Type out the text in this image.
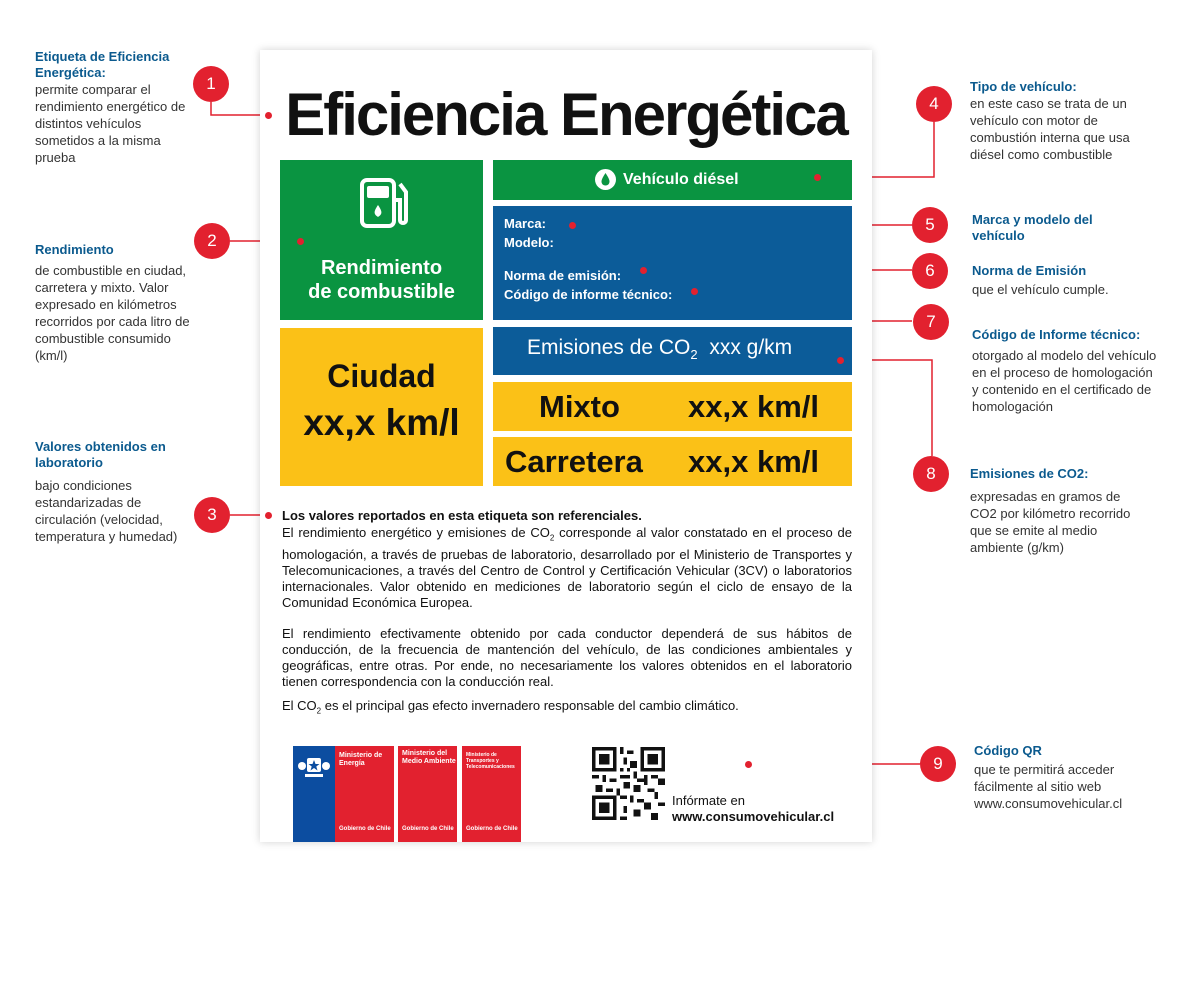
Etiqueta de Eficiencia Energética:
permite comparar el rendimiento energético de distintos vehículos sometidos a la misma prueba
1
Rendimiento
de combustible en ciudad, carretera y mixto. Valor expresado en kilómetros recorridos por cada litro de combustible consumido (km/l)
2
Valores obtenidos en laboratorio
bajo condiciones estandarizadas de circulación (velocidad, temperatura y humedad)
3
4
Tipo de vehículo:
en este caso se trata de un vehículo con motor de combustión interna que usa diésel como combustible
5	Marca y modelo del vehículo
6	Norma de Emisión
que el vehículo cumple.
7
Código de Informe técnico:
otorgado al modelo del vehículo en el proceso de homologación y contenido en el certificado de homologación
8	Emisiones de CO2:
expresadas en gramos de CO2 por kilómetro recorrido que se emite al medio ambiente (g/km)
9
Código QR
que te permitirá acceder fácilmente al sitio web www.consumovehicular.cl
Eficiencia Energética
Rendimiento
de combustible
Vehículo diésel
Marca:
Modelo:
Norma de emisión:
Código de informe técnico:
Ciudad
xx,x km/l
Emisiones de $CO_2$ xxx g/km
Mixto xx,x km/l
Carretera xx,x km/l
Los valores reportados en esta etiqueta son referenciales.
El rendimiento energético y emisiones de $CO_2$ corresponde al valor constatado en el proceso de homologación, a través de pruebas de laboratorio, desarrollado por el Ministerio de Transportes y Telecomunicaciones, a través del Centro de Control y Certificación Vehicular (3CV) o laboratorios internacionales. Valor obtenido en mediciones de laboratorio según el ciclo de ensayo de la Comunidad Económica Europea.
El rendimiento efectivamente obtenido por cada conductor dependerá de sus hábitos de conducción, de la frecuencia de mantención del vehículo, de las condiciones ambientales y geográficas, entre otras. Por ende, no necesariamente los valores obtenidos en el laboratorio tienen correspondencia con la conducción real.
El $CO_2$ es el principal gas efecto invernadero responsable del cambio climático.
Ministerio de Energía
Gobierno de Chile
Ministerio del Medio Ambiente
Gobierno de Chile
Ministerio de Transportes y Telecomunicaciones
Gobierno de Chile
Infórmate en
www.consumovehicular.cl
